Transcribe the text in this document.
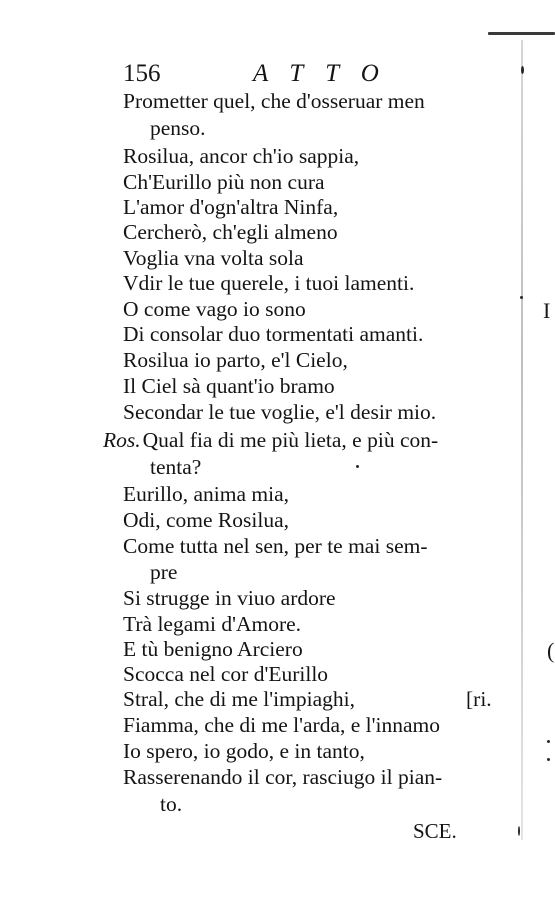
156	ATTO
Prometter quel, che d'osseruar men
penso.
Rosilua, ancor ch'io sappia,
Ch'Eurillo più non cura
L'amor d'ogn'altra Ninfa,
Cercherò, ch'egli almeno
Voglia vna volta sola
Vdir le tue querele, i tuoi lamenti.
O come vago io sono
Di consolar duo tormentati amanti.
Rosilua io parto, e'l Cielo,
Il Ciel sà quant'io bramo
Secondar le tue voglie, e'l desir mio.
Ros.Qual fia di me più lieta, e più con-
tenta?
Eurillo, anima mia,
Odi, come Rosilua,
Come tutta nel sen, per te mai sem-
pre
Si strugge in viuo ardore
Trà legami d'Amore.
E tù benigno Arciero
Scocca nel cor d'Eurillo
Stral, che di me l'impiaghi,	[ri.
Fiamma, che di me l'arda, e l'innamo
Io spero, io godo, e in tanto,
Rasserenando il cor, rasciugo il pian-
to.
SCE.
I
(
